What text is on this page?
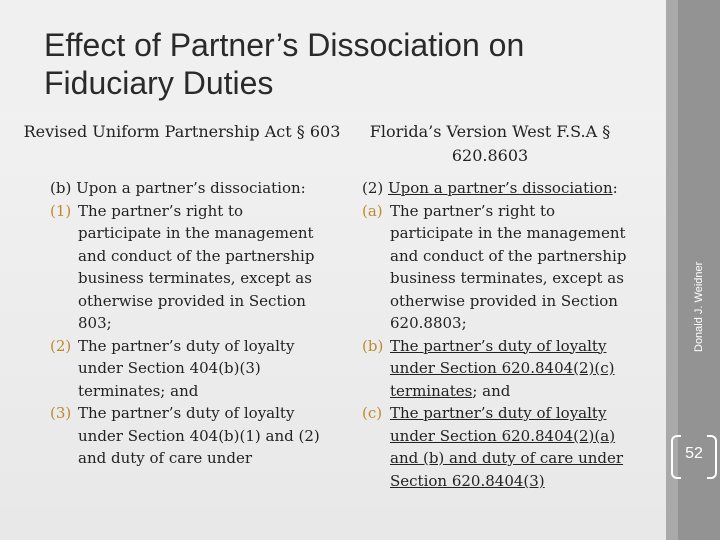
Effect of Partner’s Dissociation on Fiduciary Duties
Revised Uniform Partnership Act § 603	Florida’s Version West F.S.A § 620.8603
(b) Upon a partner’s dissociation:
(1) The partner’s right to participate in the management and conduct of the partnership business terminates, except as otherwise provided in Section 803;
(2) The partner’s duty of loyalty under Section 404(b)(3) terminates; and
(3) The partner’s duty of loyalty under Section 404(b)(1) and (2) and duty of care under
(2) Upon a partner’s dissociation:
(a) The partner’s right to participate in the management and conduct of the partnership business terminates, except as otherwise provided in Section 620.8803;
(b) The partner’s duty of loyalty under Section 620.8404(2)(c) terminates; and
(c) The partner’s duty of loyalty under Section 620.8404(2)(a) and (b) and duty of care under Section 620.8404(3)
Donald J. Weidner
52
